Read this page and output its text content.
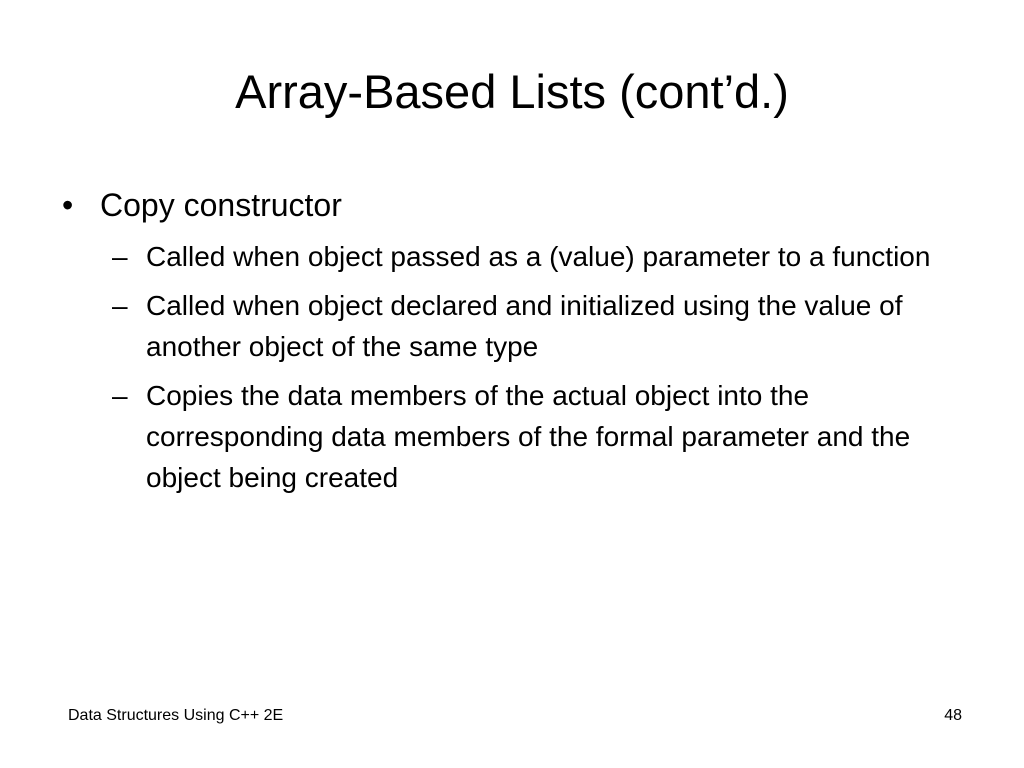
Array-Based Lists (cont’d.)
• Copy constructor
– Called when object passed as a (value) parameter to a function
– Called when object declared and initialized using the value of another object of the same type
– Copies the data members of the actual object into the corresponding data members of the formal parameter and the object being created
Data Structures Using C++ 2E	48
